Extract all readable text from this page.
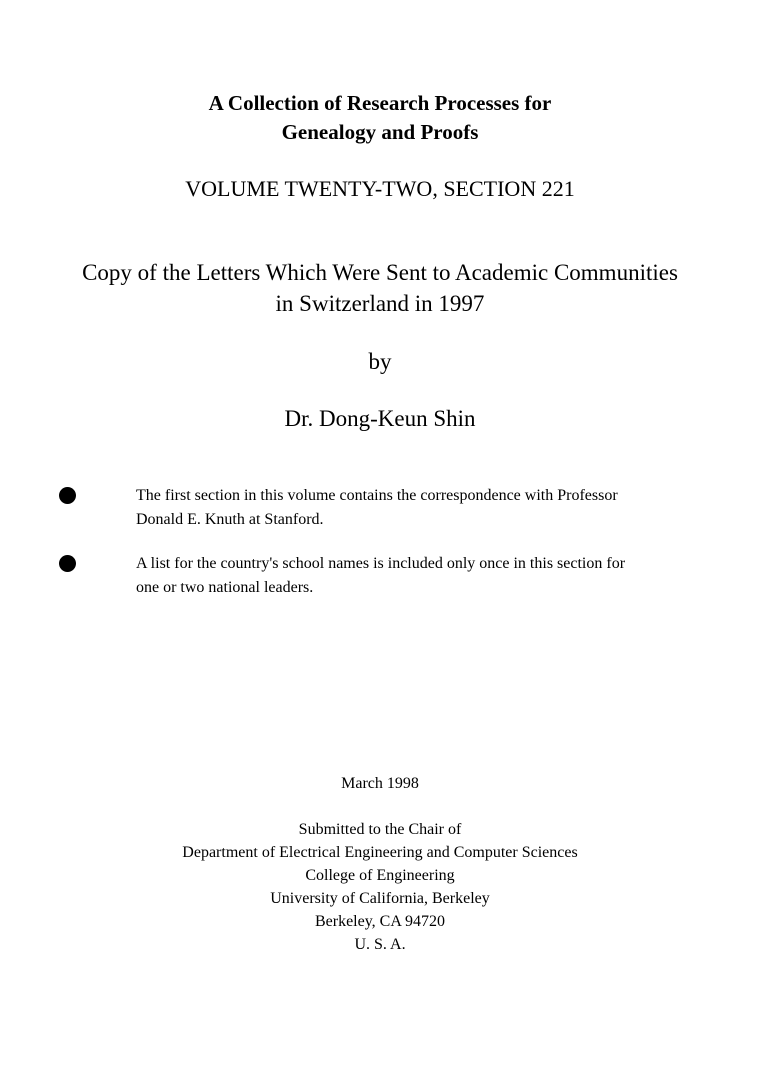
A Collection of Research Processes for
Genealogy and Proofs
VOLUME TWENTY-TWO, SECTION 221
Copy of the Letters Which Were Sent to Academic Communities
in Switzerland in 1997
by
Dr. Dong-Keun Shin
The first section in this volume contains the correspondence with Professor
Donald E. Knuth at Stanford.
A list for the country's school names is included only once in this section for
one or two national leaders.
March 1998
Submitted to the Chair of
Department of Electrical Engineering and Computer Sciences
College of Engineering
University of California, Berkeley
Berkeley, CA 94720
U. S. A.
